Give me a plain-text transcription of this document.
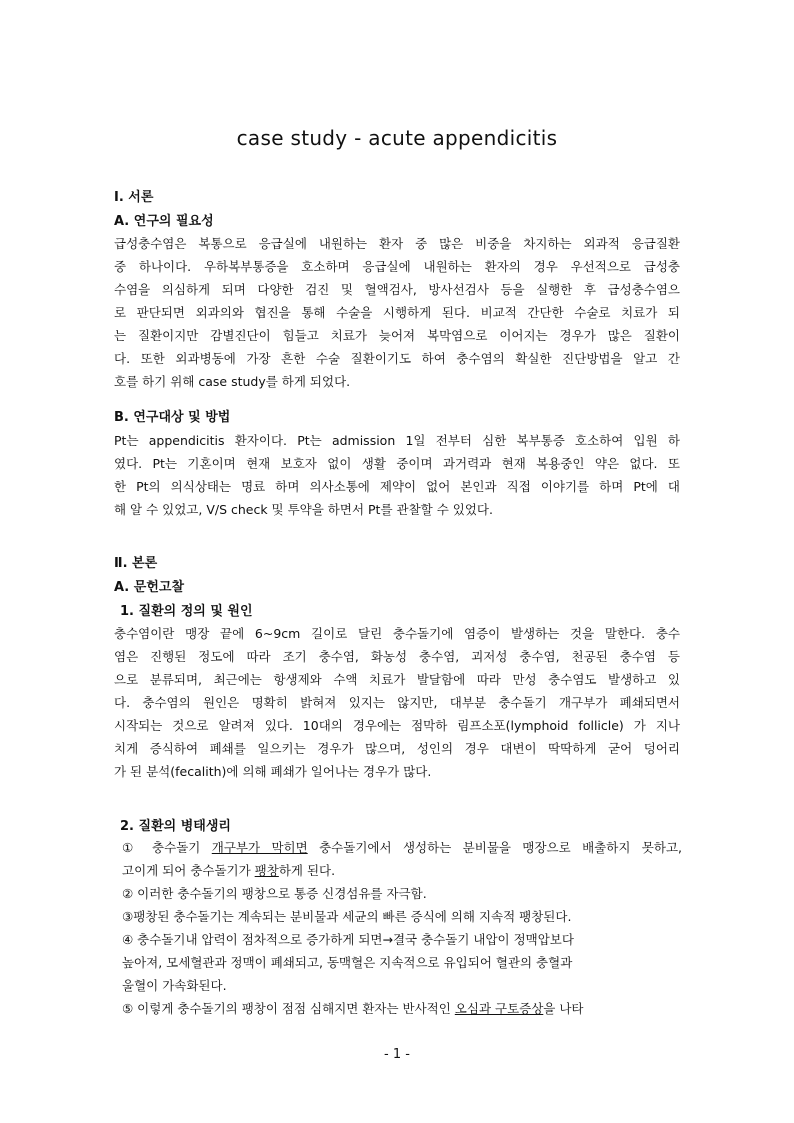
case study - acute appendicitis
Ⅰ. 서론
A. 연구의 필요성
급성충수염은 복통으로 응급실에 내원하는 환자 중 많은 비중을 차지하는 외과적 응급질환
중 하나이다. 우하복부통증을 호소하며 응급실에 내원하는 환자의 경우 우선적으로 급성충
수염을 의심하게 되며 다양한 검진 및 혈액검사, 방사선검사 등을 실행한 후 급성충수염으
로 판단되면 외과의와 협진을 통해 수술을 시행하게 된다. 비교적 간단한 수술로 치료가 되
는 질환이지만 감별진단이 힘들고 치료가 늦어져 복막염으로 이어지는 경우가 많은 질환이
다. 또한 외과병동에 가장 흔한 수술 질환이기도 하여 충수염의 확실한 진단방법을 알고 간
호를 하기 위해 case study를 하게 되었다.
B. 연구대상 및 방법
Pt는 appendicitis 환자이다. Pt는 admission 1일 전부터 심한 복부통증 호소하여 입원 하
였다. Pt는 기혼이며 현재 보호자 없이 생활 중이며 과거력과 현재 복용중인 약은 없다. 또
한 Pt의 의식상태는 명료 하며 의사소통에 제약이 없어 본인과 직접 이야기를 하며 Pt에 대
해 알 수 있었고, V/S check 및 투약을 하면서 Pt를 관찰할 수 있었다.
Ⅱ. 본론
A. 문헌고찰
1. 질환의 정의 및 원인
충수염이란 맹장 끝에 6~9cm 길이로 달린 충수돌기에 염증이 발생하는 것을 말한다. 충수
염은 진행된 정도에 따라 조기 충수염, 화농성 충수염, 괴저성 충수염, 천공된 충수염 등
으로 분류되며, 최근에는 항생제와 수액 치료가 발달함에 따라 만성 충수염도 발생하고 있
다. 충수염의 원인은 명확히 밝혀져 있지는 않지만, 대부분 충수돌기 개구부가 폐쇄되면서
시작되는 것으로 알려져 있다. 10대의 경우에는 점막하 림프소포(lymphoid follicle) 가 지나
치게 증식하여 폐쇄를 일으키는 경우가 많으며, 성인의 경우 대변이 딱딱하게 굳어 덩어리
가 된 분석(fecalith)에 의해 폐쇄가 일어나는 경우가 많다.
2. 질환의 병태생리
① 충수돌기 개구부가 막히면 충수돌기에서 생성하는 분비물을 맹장으로 배출하지 못하고,
고이게 되어 충수돌기가 팽창하게 된다.
② 이러한 충수돌기의 팽창으로 통증 신경섬유를 자극함.
③팽창된 충수돌기는 계속되는 분비물과 세균의 빠른 증식에 의해 지속적 팽창된다.
④ 충수돌기내 압력이 점차적으로 증가하게 되면→결국 충수돌기 내압이 정맥압보다
높아져, 모세혈관과 정맥이 폐쇄되고, 동맥혈은 지속적으로 유입되어 혈관의 충혈과
울혈이 가속화된다.
⑤ 이렇게 충수돌기의 팽창이 점점 심해지면 환자는 반사적인 오심과 구토증상을 나타
- 1 -
